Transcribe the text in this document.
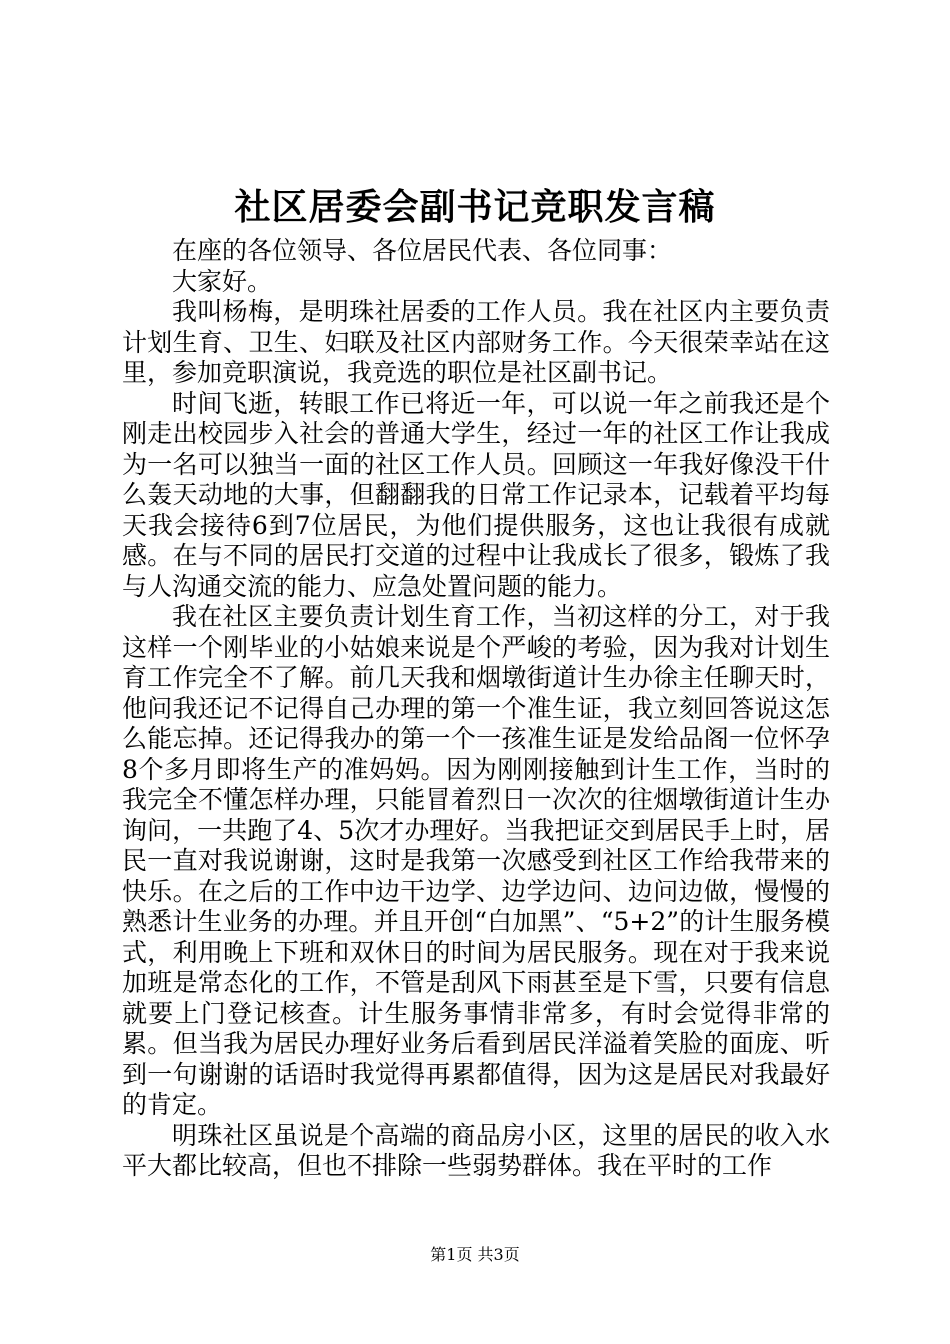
社区居委会副书记竞职发言稿

在座的各位领导、各位居民代表、各位同事：

大家好。

我叫杨梅，是明珠社居委的工作人员。我在社区内主要负责计划生育、卫生、妇联及社区内部财务工作。今天很荣幸站在这里，参加竞职演说，我竞选的职位是社区副书记。

时间飞逝，转眼工作已将近一年，可以说一年之前我还是个刚走出校园步入社会的普通大学生，经过一年的社区工作让我成为一名可以独当一面的社区工作人员。回顾这一年我好像没干什么轰天动地的大事，但翻翻我的日常工作记录本，记载着平均每天我会接待6到7位居民，为他们提供服务，这也让我很有成就感。在与不同的居民打交道的过程中让我成长了很多，锻炼了我与人沟通交流的能力、应急处置问题的能力。

我在社区主要负责计划生育工作，当初这样的分工，对于我这样一个刚毕业的小姑娘来说是个严峻的考验，因为我对计划生育工作完全不了解。前几天我和烟墩街道计生办徐主任聊天时，他问我还记不记得自己办理的第一个准生证，我立刻回答说这怎么能忘掉。还记得我办的第一个一孩准生证是发给品阁一位怀孕8个多月即将生产的准妈妈。因为刚刚接触到计生工作，当时的我完全不懂怎样办理，只能冒着烈日一次次的往烟墩街道计生办询问，一共跑了4、5次才办理好。当我把证交到居民手上时，居民一直对我说谢谢，这时是我第一次感受到社区工作给我带来的快乐。在之后的工作中边干边学、边学边问、边问边做，慢慢的熟悉计生业务的办理。并且开创“白加黑”、“5+2”的计生服务模式，利用晚上下班和双休日的时间为居民服务。现在对于我来说加班是常态化的工作，不管是刮风下雨甚至是下雪，只要有信息就要上门登记核查。计生服务事情非常多，有时会觉得非常的累。但当我为居民办理好业务后看到居民洋溢着笑脸的面庞、听到一句谢谢的话语时我觉得再累都值得，因为这是居民对我最好的肯定。

明珠社区虽说是个高端的商品房小区，这里的居民的收入水平大都比较高，但也不排除一些弱势群体。我在平时的工作

第1页 共3页
